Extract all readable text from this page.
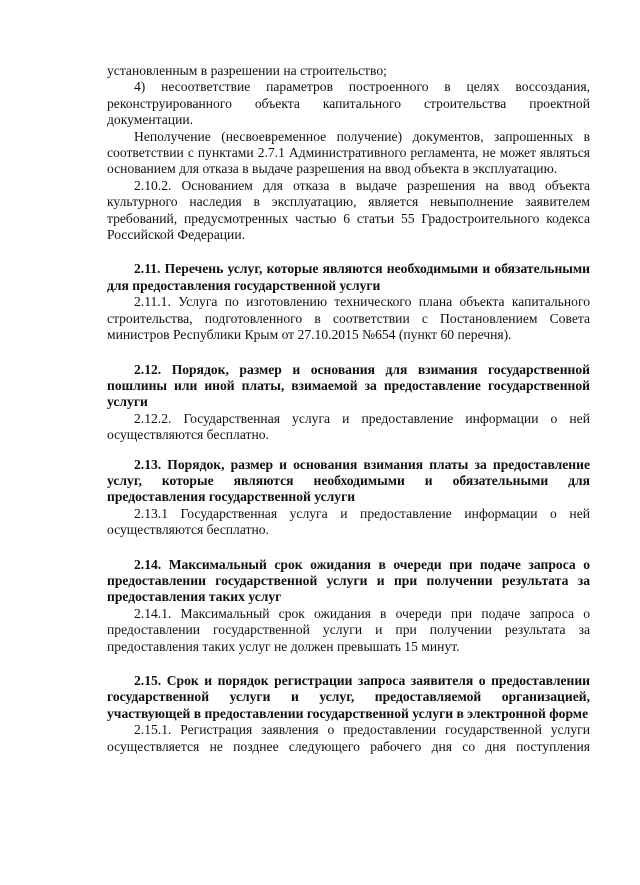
установленным в разрешении на строительство;

4) несоответствие параметров построенного в целях воссоздания, реконструированного объекта капитального строительства проектной документации.

Неполучение (несвоевременное получение) документов, запрошенных в соответствии с пунктами 2.7.1 Административного регламента, не может являться основанием для отказа в выдаче разрешения на ввод объекта в эксплуатацию.

2.10.2. Основанием для отказа в выдаче разрешения на ввод объекта культурного наследия в эксплуатацию, является невыполнение заявителем требований, предусмотренных частью 6 статьи 55 Градостроительного кодекса Российской Федерации.

2.11. Перечень услуг, которые являются необходимыми и обязательными для предоставления государственной услуги

2.11.1. Услуга по изготовлению технического плана объекта капитального строительства, подготовленного в соответствии с Постановлением Совета министров Республики Крым от 27.10.2015 №654 (пункт 60 перечня).

2.12. Порядок, размер и основания для взимания государственной пошлины или иной платы, взимаемой за предоставление государственной услуги

2.12.2. Государственная услуга и предоставление информации о ней осуществляются бесплатно.

2.13. Порядок, размер и основания взимания платы за предоставление услуг, которые являются необходимыми и обязательными для предоставления государственной услуги

2.13.1 Государственная услуга и предоставление информации о ней осуществляются бесплатно.

2.14. Максимальный срок ожидания в очереди при подаче запроса о предоставлении государственной услуги и при получении результата за предоставления таких услуг

2.14.1. Максимальный срок ожидания в очереди при подаче запроса о предоставлении государственной услуги и при получении результата за предоставления таких услуг не должен превышать 15 минут.

2.15. Срок и порядок регистрации запроса заявителя о предоставлении государственной услуги и услуг, предоставляемой организацией, участвующей в предоставлении государственной услуги в электронной форме

2.15.1. Регистрация заявления о предоставлении государственной услуги осуществляется не позднее следующего рабочего дня со дня поступления
